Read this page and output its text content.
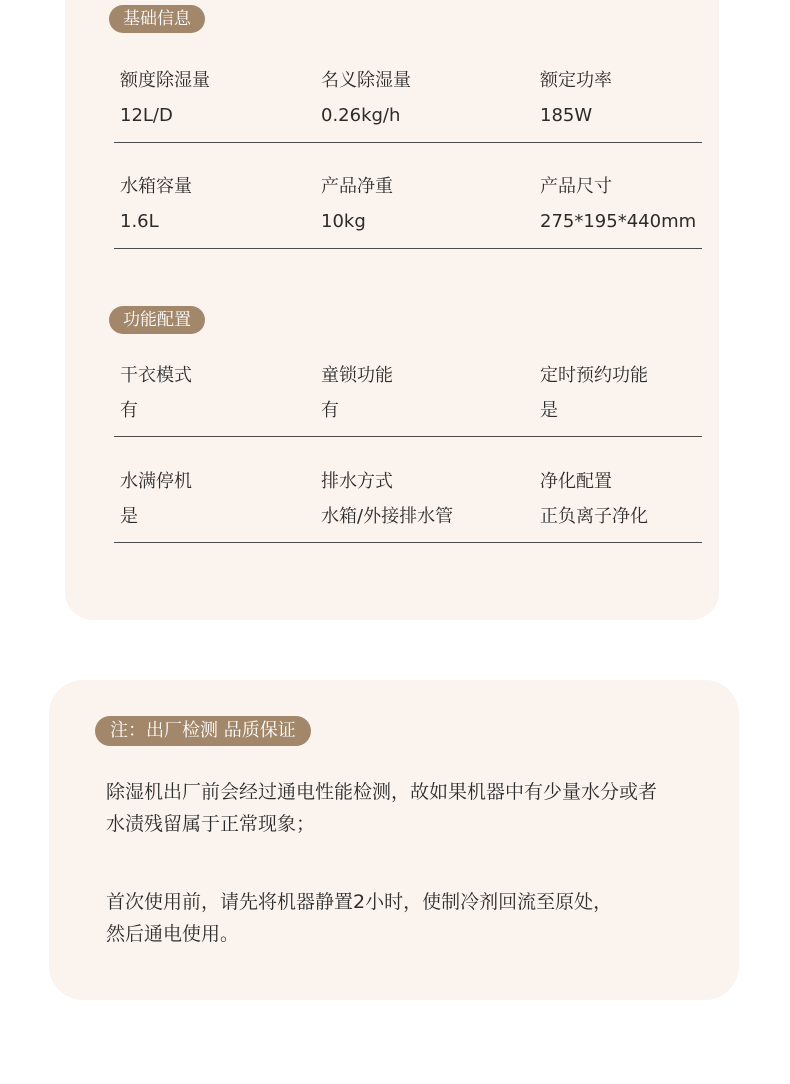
基础信息
额度除湿量
12L/D
名义除湿量
0.26kg/h
额定功率
185W
水箱容量
1.6L
产品净重
10kg
产品尺寸
275*195*440mm
功能配置
干衣模式
有
童锁功能
有
定时预约功能
是
水满停机
是
排水方式
水箱/外接排水管
净化配置
正负离子净化
注：出厂检测 品质保证

除湿机出厂前会经过通电性能检测，故如果机器中有少量水分或者
水渍残留属于正常现象；

首次使用前，请先将机器静置2小时，使制冷剂回流至原处，
然后通电使用。
